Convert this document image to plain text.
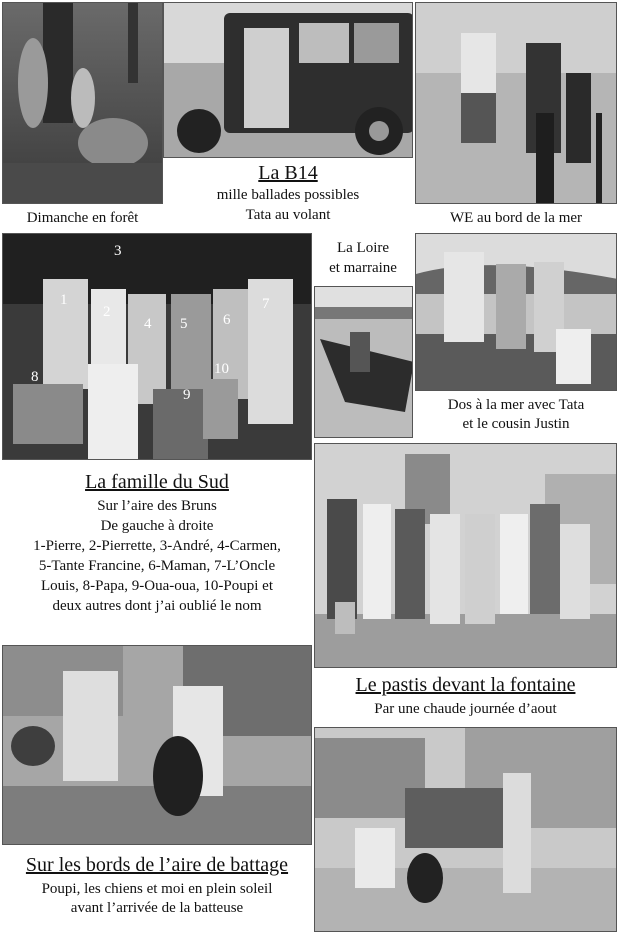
Dimanche en forêt
La B14
mille ballades possibles
Tata au volant	WE au bord de la mer
1
2
3
4 5 6
7
8
9
10
La Loire
et marraine
Dos à la mer avec Tata
et le cousin Justin
La famille du Sud
Sur l’aire des Bruns
De gauche à droite
1-Pierre, 2-Pierrette, 3-André, 4-Carmen,
5-Tante Francine, 6-Maman, 7-L’Oncle
Louis, 8-Papa, 9-Oua-oua, 10-Poupi et
deux autres dont j’ai oublié le nom
Le pastis devant la fontaine
Par une chaude journée d’aout
Sur les bords de l’aire de battage
Poupi, les chiens et moi en plein soleil
avant l’arrivée de la batteuse
